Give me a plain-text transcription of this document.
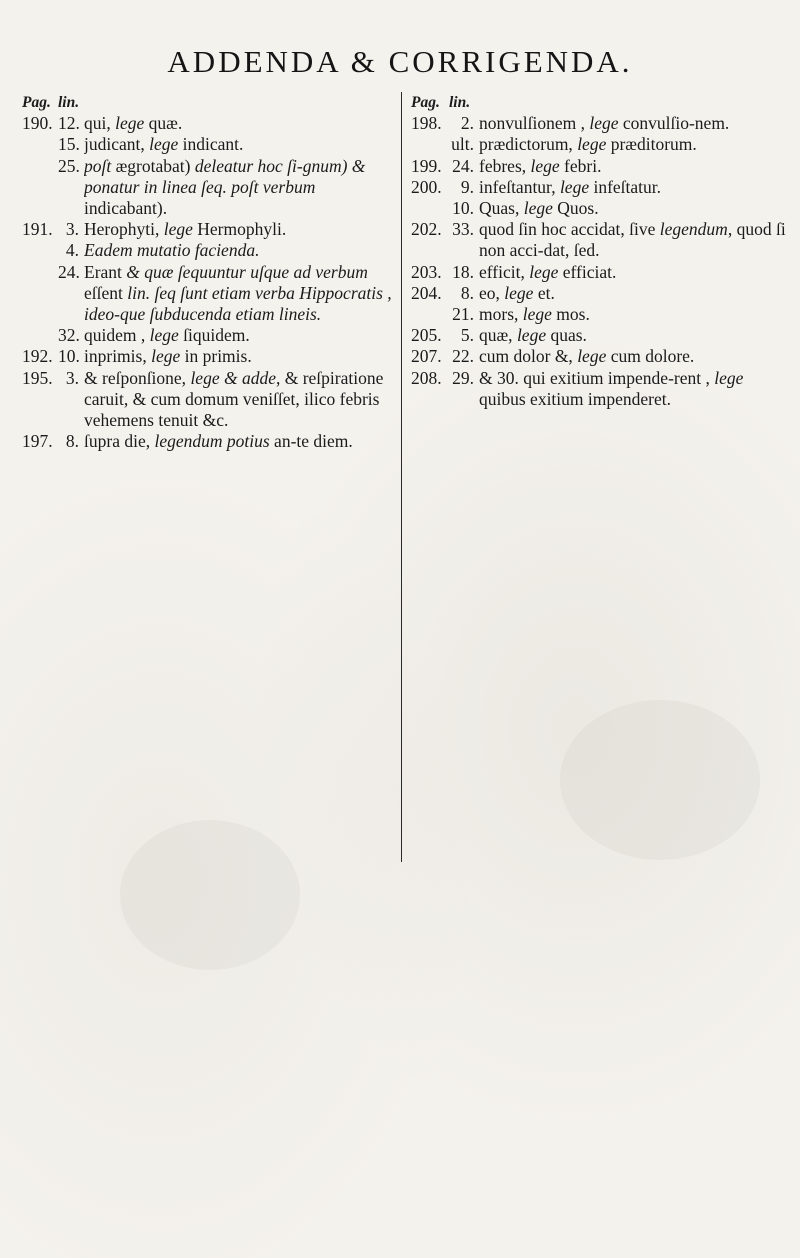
ADDENDA & CORRIGENDA.
Pag. lin.
190. 12. qui, lege quæ.
15. judicant, lege indicant.
25. poſt ægrotabat) deleatur hoc ſi-gnum) & ponatur in linea ſeq. poſt verbum indicabant).
191. 3. Herophyti, lege Hermophyli.
4. Eadem mutatio facienda.
24. Erant & quæ ſequuntur uſque ad verbum eſſent lin. ſeq ſunt etiam verba Hippocratis , ideo-que ſubducenda etiam lineis.
32. quidem , lege ſiquidem.
192. 10. inprimis, lege in primis.
195. 3. & reſponſione, lege & adde, & reſpiratione caruit, & cum domum veniſſet, ilico febris vehemens tenuit &c.
197. 8. ſupra die, legendum potius an-te diem.
Pag. lin.
198.	2. nonvulſionem , lege convulſio-nem.
ult. prædictorum, lege præditorum.
199. 24. febres, lege febri.
200.	9. infeſtantur, lege infeſtatur.
10. Quas, lege Quos.
202. 33. quod ſin hoc accidat, ſive legendum, quod ſi non acci-dat, ſed.
203. 18. efficit, lege efficiat.
204.	8. eo, lege et.
21. mors, lege mos.
205.	5. quæ, lege quas.
207. 22. cum dolor &, lege cum dolore.
208. 29. & 30. qui exitium impende-rent , lege quibus exitium impenderet.
